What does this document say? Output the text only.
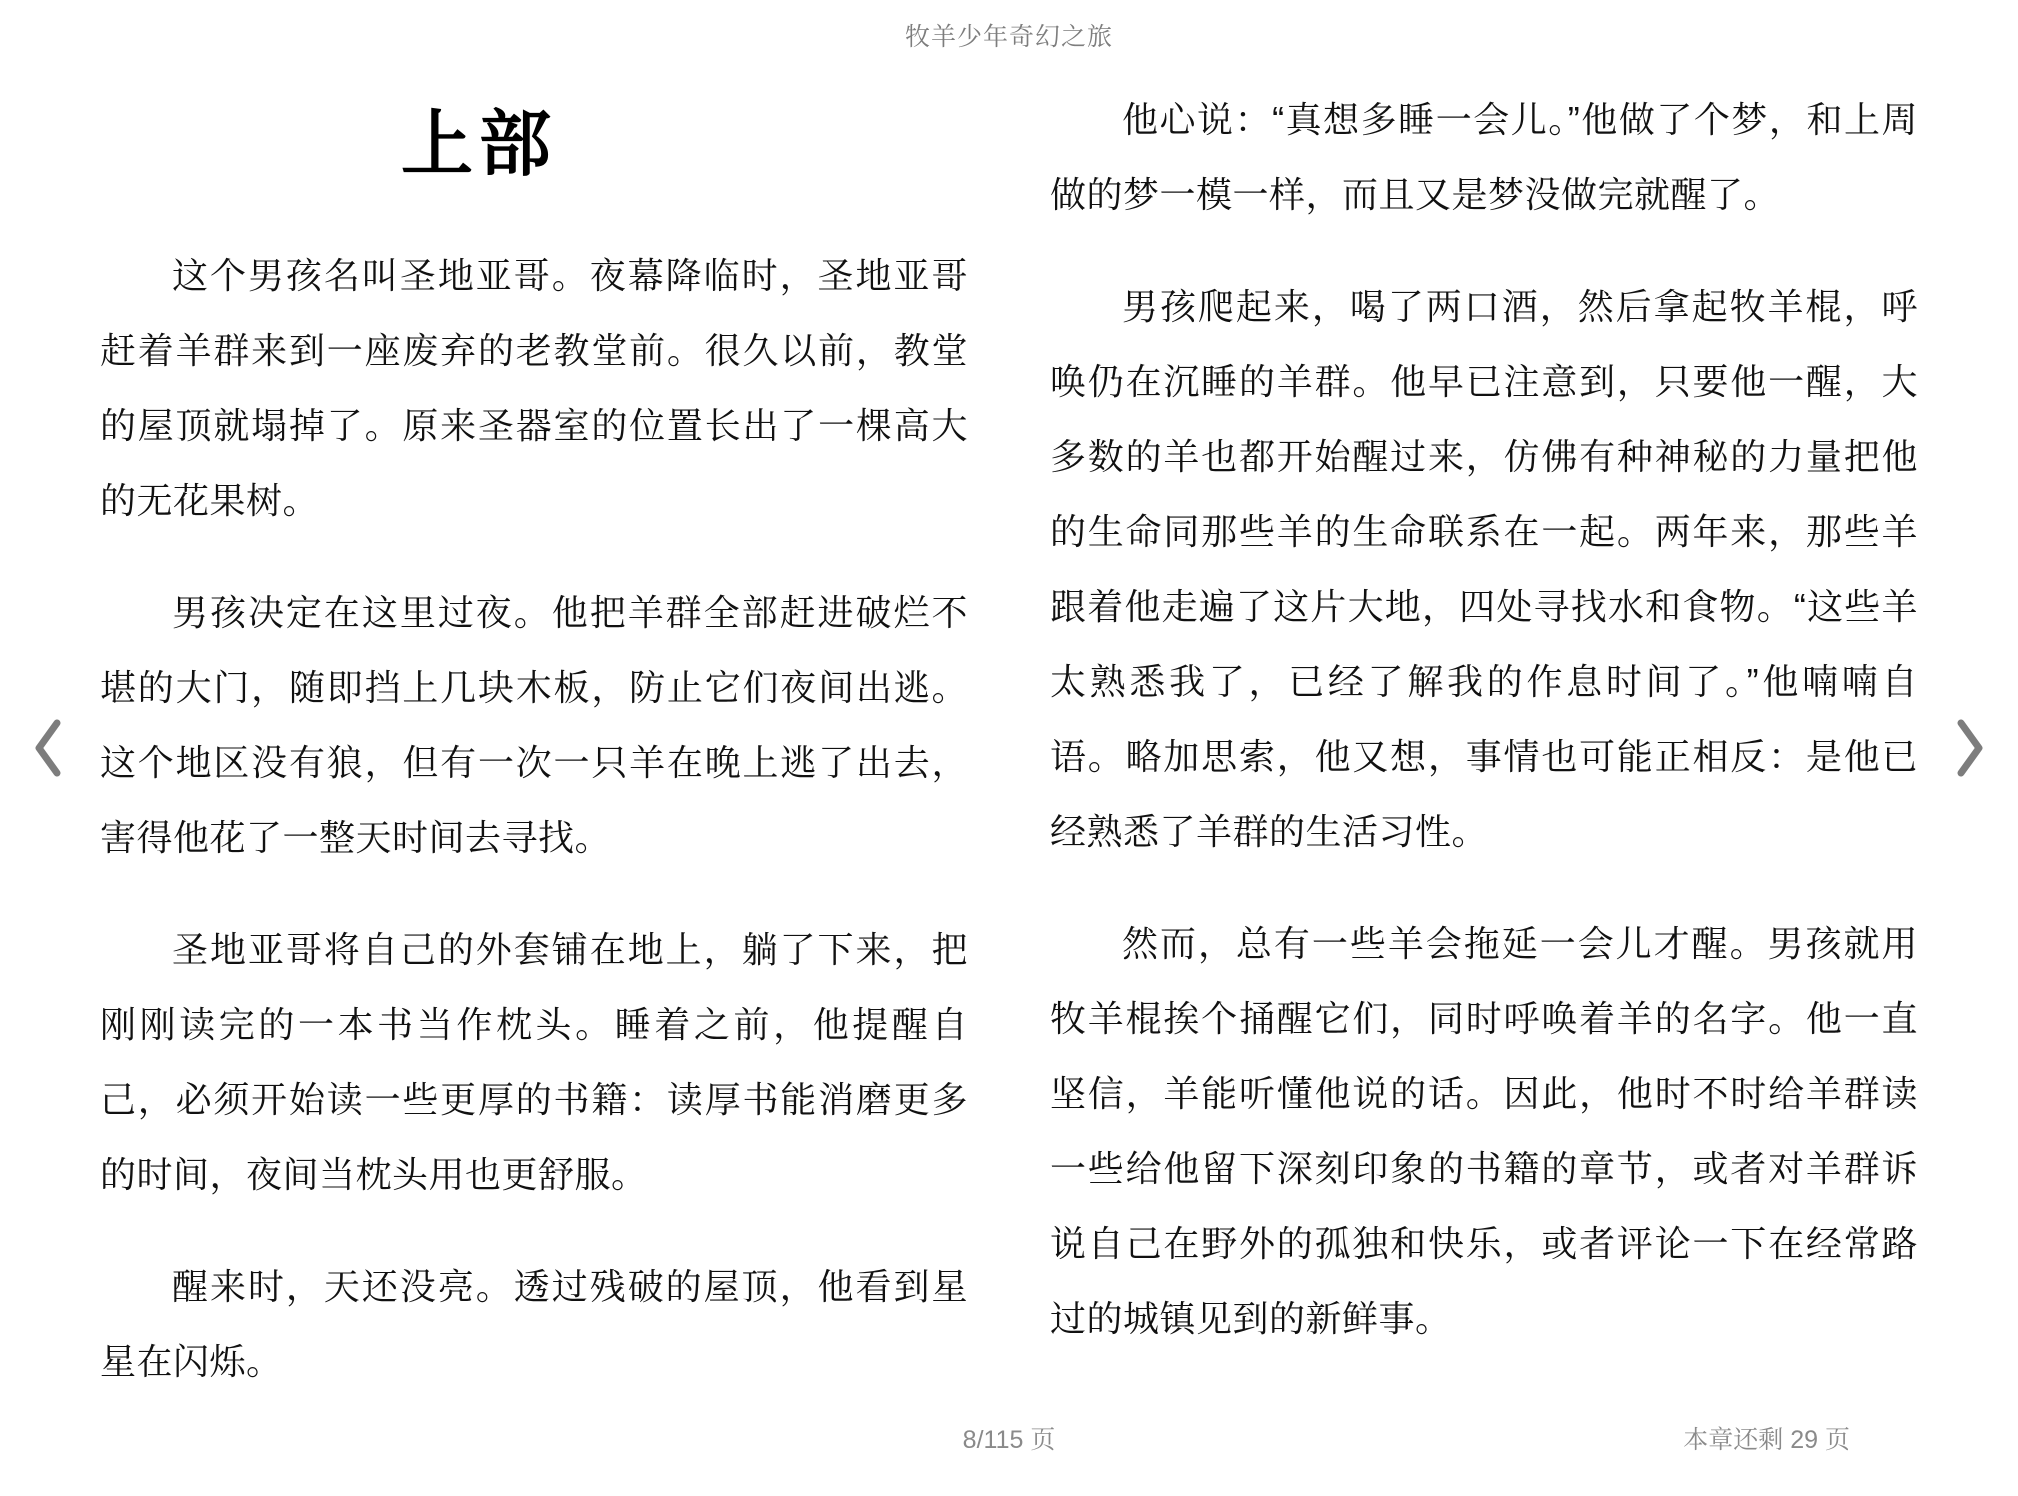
牧羊少年奇幻之旅
上部

这个男孩名叫圣地亚哥。夜幕降临时，圣地亚哥赶着羊群来到一座废弃的老教堂前。很久以前，教堂的屋顶就塌掉了。原来圣器室的位置长出了一棵高大的无花果树。

男孩决定在这里过夜。他把羊群全部赶进破烂不堪的大门，随即挡上几块木板，防止它们夜间出逃。这个地区没有狼，但有一次一只羊在晚上逃了出去，害得他花了一整天时间去寻找。

圣地亚哥将自己的外套铺在地上，躺了下来，把刚刚读完的一本书当作枕头。睡着之前，他提醒自己，必须开始读一些更厚的书籍：读厚书能消磨更多的时间，夜间当枕头用也更舒服。

醒来时，天还没亮。透过残破的屋顶，他看到星星在闪烁。

他心说：“真想多睡一会儿。”他做了个梦，和上周做的梦一模一样，而且又是梦没做完就醒了。

男孩爬起来，喝了两口酒，然后拿起牧羊棍，呼唤仍在沉睡的羊群。他早已注意到，只要他一醒，大多数的羊也都开始醒过来，仿佛有种神秘的力量把他的生命同那些羊的生命联系在一起。两年来，那些羊跟着他走遍了这片大地，四处寻找水和食物。“这些羊太熟悉我了，已经了解我的作息时间了。”他喃喃自语。略加思索，他又想，事情也可能正相反：是他已经熟悉了羊群的生活习性。

然而，总有一些羊会拖延一会儿才醒。男孩就用牧羊棍挨个捅醒它们，同时呼唤着羊的名字。他一直坚信，羊能听懂他说的话。因此，他时不时给羊群读一些给他留下深刻印象的书籍的章节，或者对羊群诉说自己在野外的孤独和快乐，或者评论一下在经常路过的城镇见到的新鲜事。

8/115 页	本章还剩 29 页
